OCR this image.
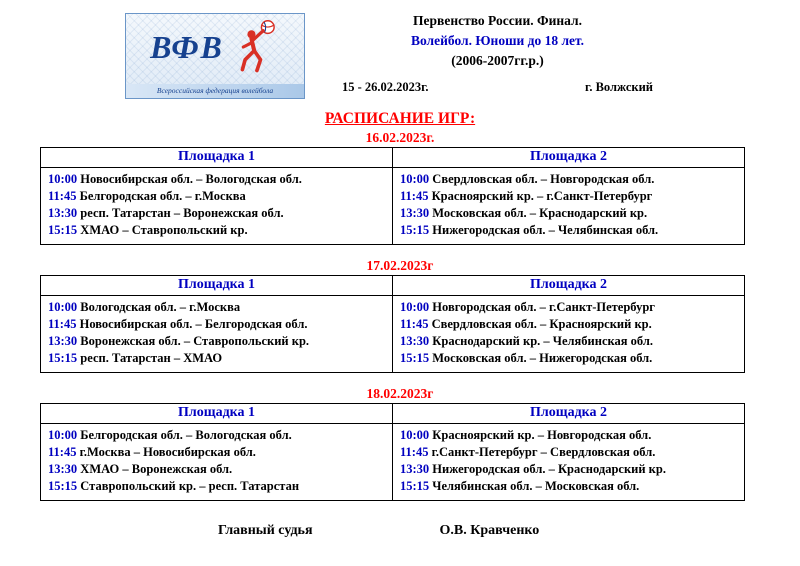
ВФВ
Всероссийская федерация волейбола
Первенство России. Финал.
Волейбол. Юноши до 18 лет.
(2006-2007гг.р.)
15 - 26.02.2023г.	г. Волжский
РАСПИСАНИЕ ИГР:
16.02.2023г.
Площадка 1	Площадка 2

10:00 Новосибирская обл. – Вологодская обл.
11:45 Белгородская обл. – г.Москва
13:30 респ. Татарстан – Воронежская обл.
15:15 ХМАО – Ставропольский кр.

10:00 Свердловская обл. – Новгородская обл.
11:45 Красноярский кр. – г.Санкт-Петербург
13:30 Московская обл. – Краснодарский кр.
15:15 Нижегородская обл. – Челябинская обл.
17.02.2023г
Площадка 1	Площадка 2

10:00 Вологодская обл. – г.Москва
11:45 Новосибирская обл. – Белгородская обл.
13:30 Воронежская обл. – Ставропольский кр.
15:15 респ. Татарстан – ХМАО

10:00 Новгородская обл. – г.Санкт-Петербург
11:45 Свердловская обл. – Красноярский кр.
13:30 Краснодарский кр. – Челябинская обл.
15:15 Московская обл. – Нижегородская обл.
18.02.2023г
Площадка 1	Площадка 2

10:00 Белгородская обл. – Вологодская обл.
11:45 г.Москва – Новосибирская обл.
13:30 ХМАО – Воронежская обл.
15:15 Ставропольский кр. – респ. Татарстан

10:00 Красноярский кр. – Новгородская обл.
11:45 г.Санкт-Петербург – Свердловская обл.
13:30 Нижегородская обл. – Краснодарский кр.
15:15 Челябинская обл. – Московская обл.
Главный судья	О.В. Кравченко
